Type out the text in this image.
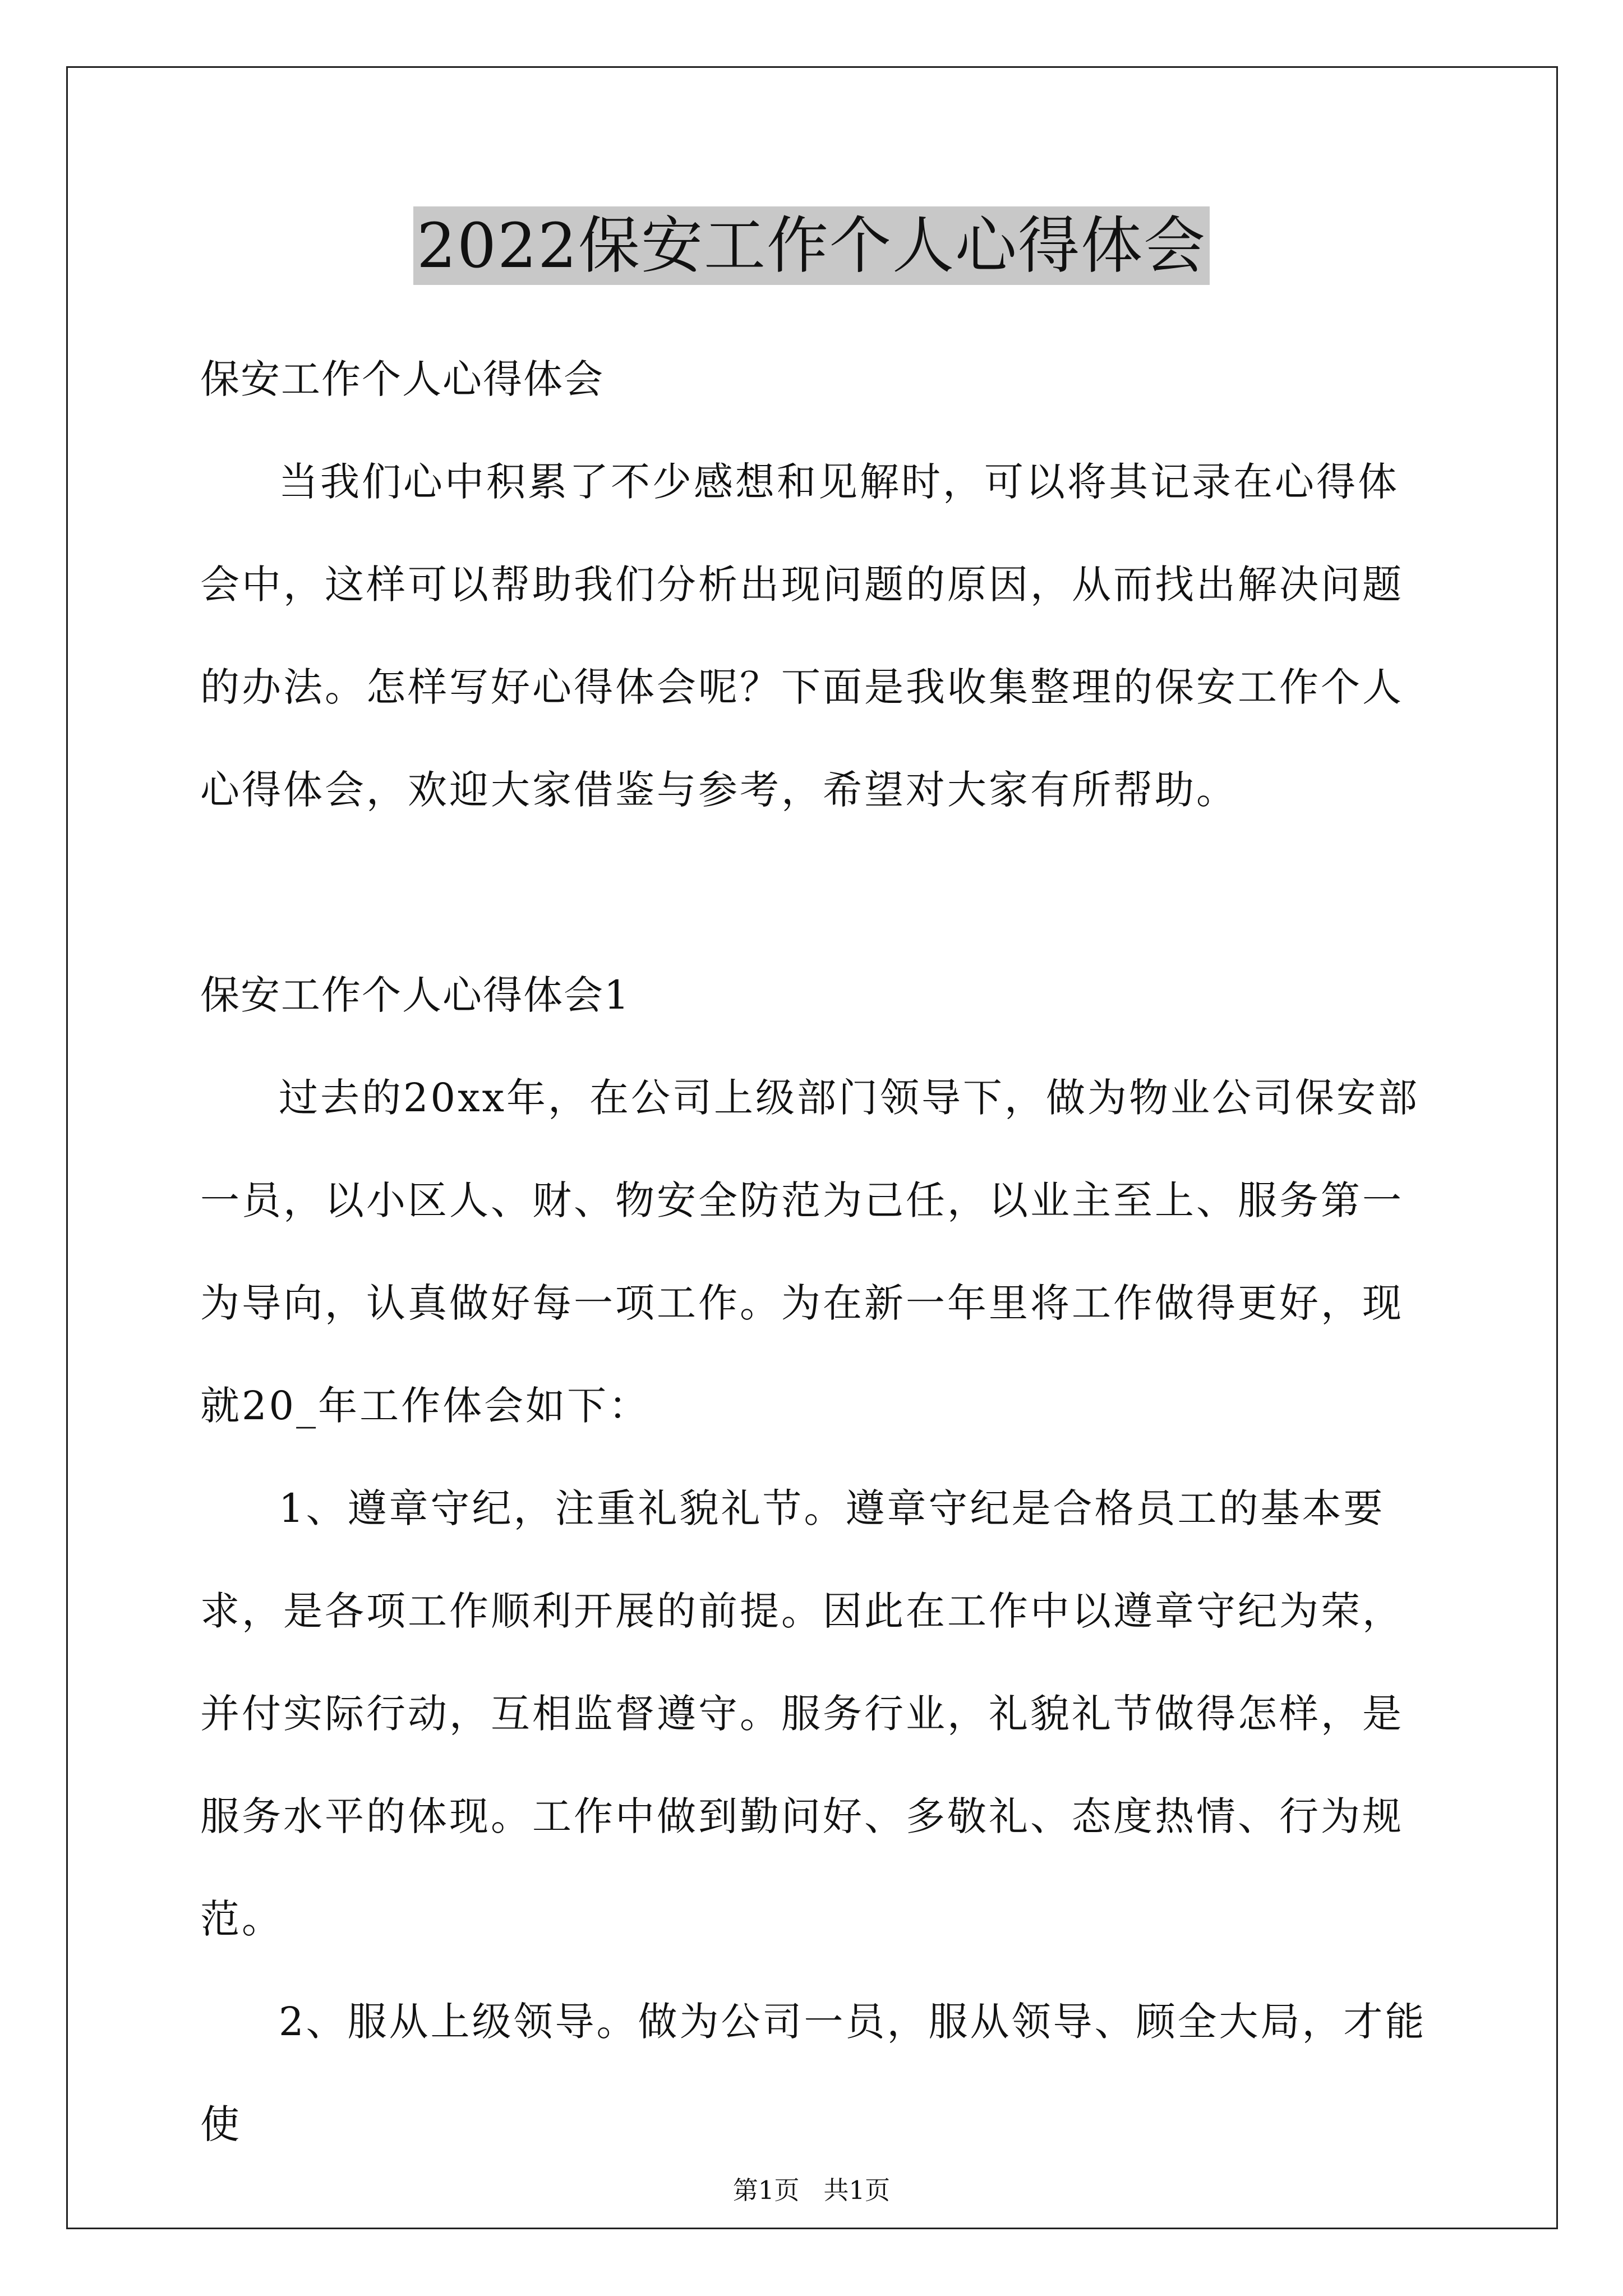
2022保安工作个人心得体会

保安工作个人心得体会

当我们心中积累了不少感想和见解时，可以将其记录在心得体会中，这样可以帮助我们分析出现问题的原因，从而找出解决问题的办法。怎样写好心得体会呢？下面是我收集整理的保安工作个人心得体会，欢迎大家借鉴与参考，希望对大家有所帮助。

保安工作个人心得体会1

过去的20xx年，在公司上级部门领导下，做为物业公司保安部一员，以小区人、财、物安全防范为己任，以业主至上、服务第一为导向，认真做好每一项工作。为在新一年里将工作做得更好，现就20_年工作体会如下：

1、遵章守纪，注重礼貌礼节。遵章守纪是合格员工的基本要求，是各项工作顺利开展的前提。因此在工作中以遵章守纪为荣，并付实际行动，互相监督遵守。服务行业，礼貌礼节做得怎样，是服务水平的体现。工作中做到勤问好、多敬礼、态度热情、行为规范。

2、服从上级领导。做为公司一员，服从领导、顾全大局，才能使

第1页   共1页
